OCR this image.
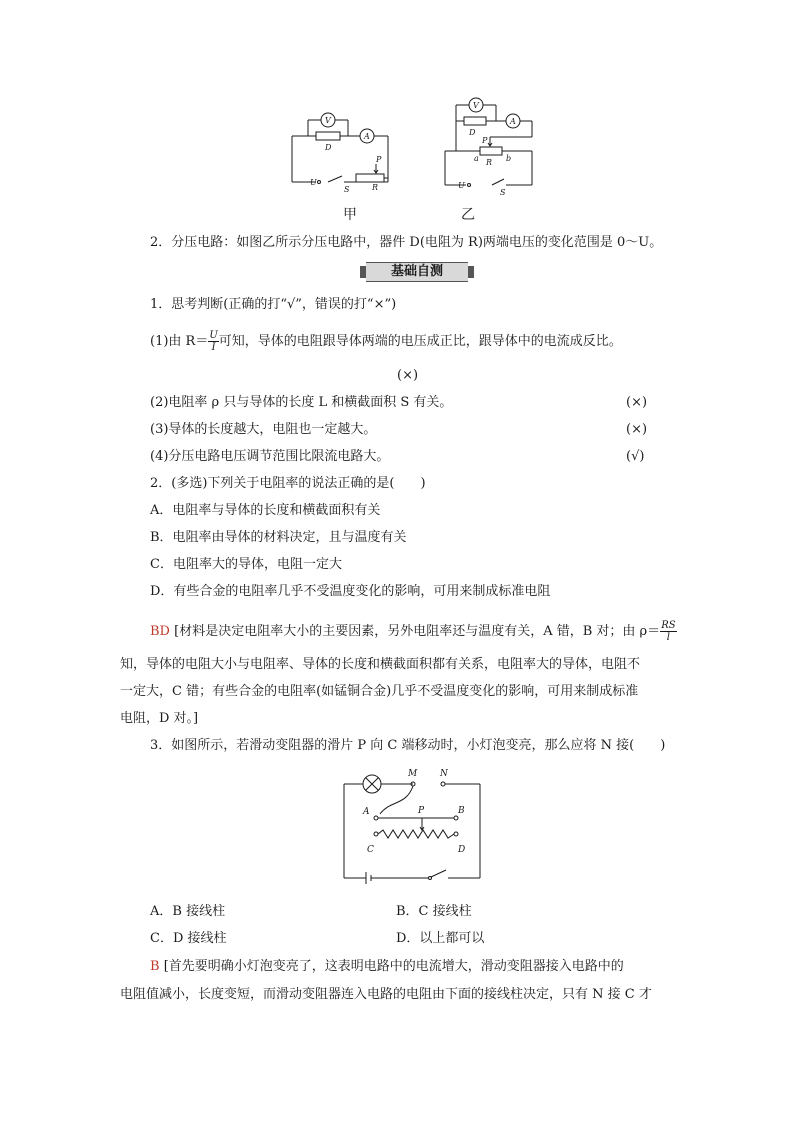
V
A
D
U
S
P
R
V
A
D
P
a	b
R
U
S
甲	乙
2．分压电路：如图乙所示分压电路中，器件 D(电阻为 R)两端电压的变化范围是 0～U。
基础自测
1．思考判断(正确的打“√”，错误的打“×”)
(1)由 $R= \frac{U}{I}$ 可知，导体的电阻跟导体两端的电压成正比，跟导体中的电流成反比。
(×)
(2)电阻率 ρ 只与导体的长度 L 和横截面积 S 有关。	(×)
(3)导体的长度越大，电阻也一定越大。	(×)
(4)分压电路电压调节范围比限流电路大。	(√)
2．(多选)下列关于电阻率的说法正确的是(　　)
A．电阻率与导体的长度和横截面积有关
B．电阻率由导体的材料决定，且与温度有关
C．电阻率大的导体，电阻一定大
D．有些合金的电阻率几乎不受温度变化的影响，可用来制成标准电阻
BD [材料是决定电阻率大小的主要因素，另外电阻率还与温度有关，A 错，B 对；由 $\rho= \frac{RS}{l}$
知，导体的电阻大小与电阻率、导体的长度和横截面积都有关系，电阻率大的导体，电阻不
一定大，C 错；有些合金的电阻率(如锰铜合金)几乎不受温度变化的影响，可用来制成标准
电阻，D 对。]
3．如图所示，若滑动变阻器的滑片 P 向 C 端移动时，小灯泡变亮，那么应将 N 接(　　)
M	N
A	B
P
C	D
A．B 接线柱	B．C 接线柱
C．D 接线柱	D．以上都可以
B [首先要明确小灯泡变亮了，这表明电路中的电流增大，滑动变阻器接入电路中的
电阻值减小，长度变短，而滑动变阻器连入电路的电阻由下面的接线柱决定，只有 N 接 C 才
